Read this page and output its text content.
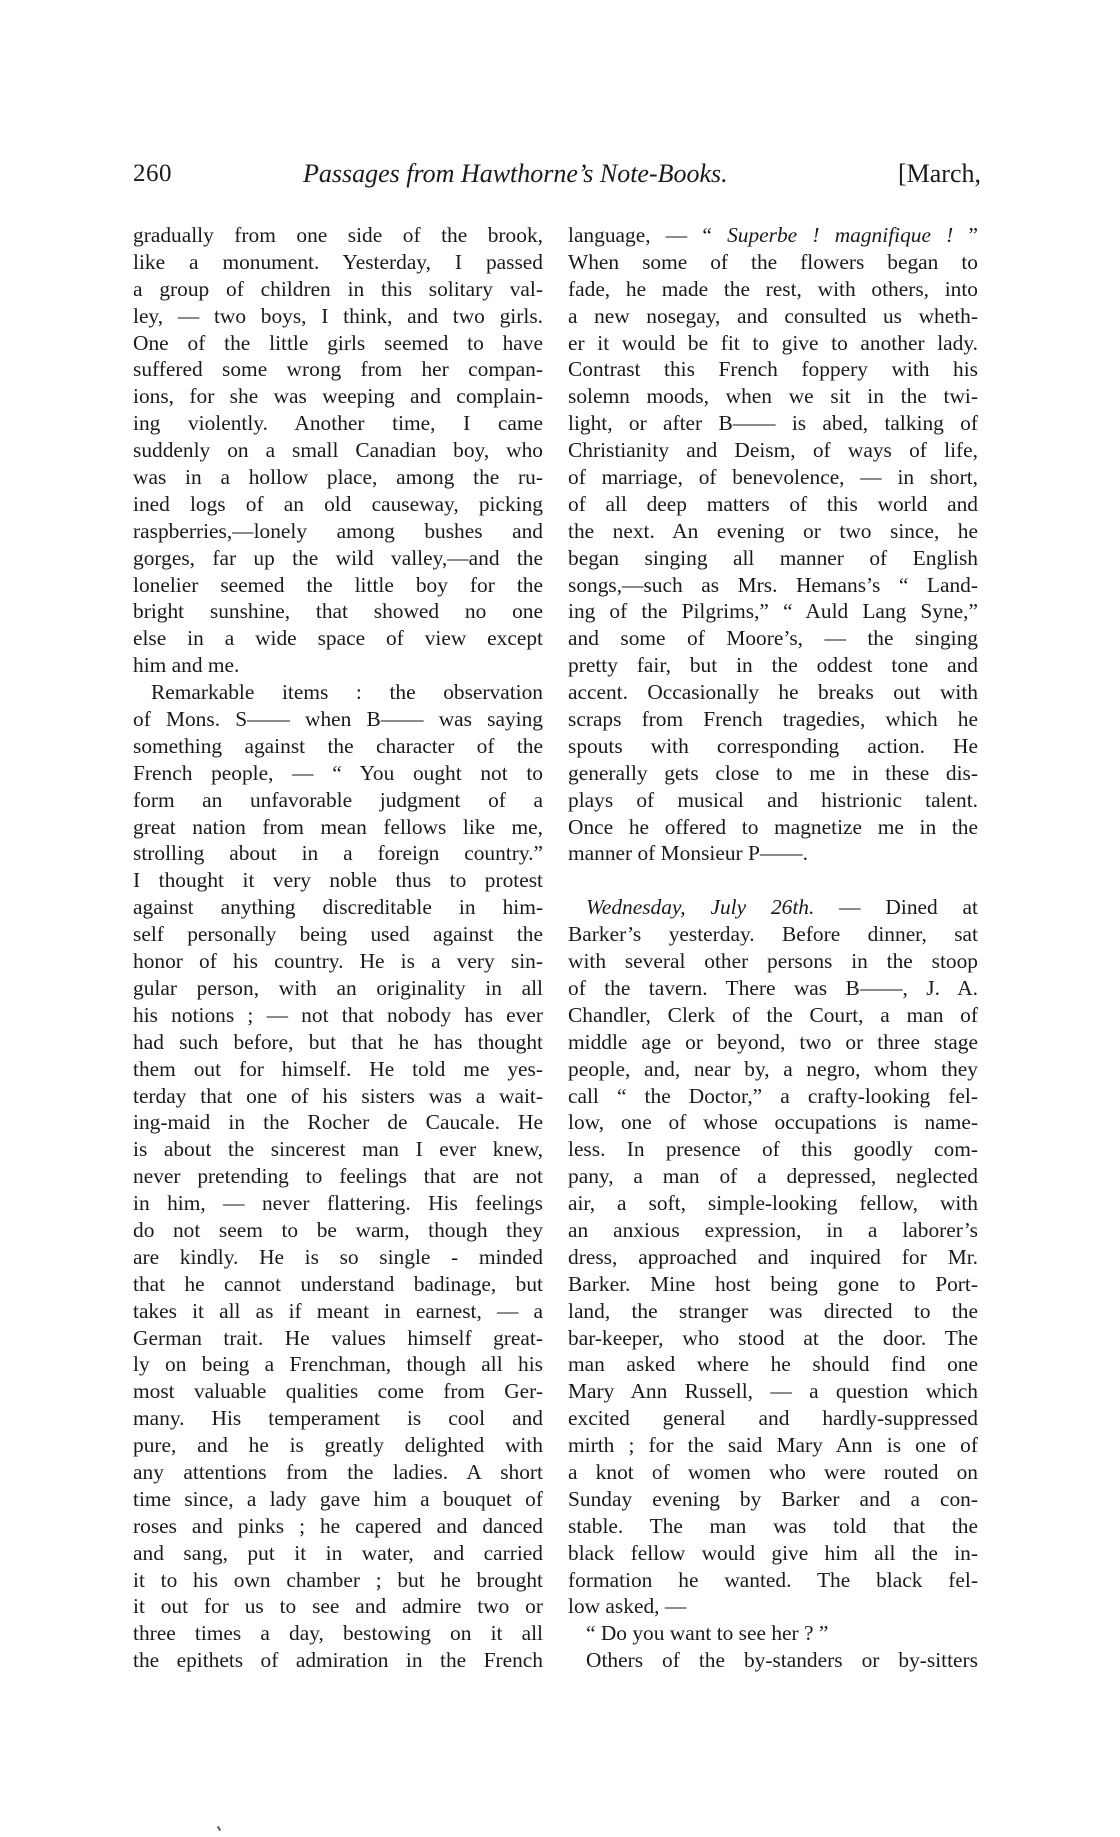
260	Passages from Hawthorne’s Note-Books.	[March,
gradually from one side of the brook,
like a monument. Yesterday, I passed
a group of children in this solitary val-
ley, — two boys, I think, and two girls.
One of the little girls seemed to have
suffered some wrong from her compan-
ions, for she was weeping and complain-
ing violently. Another time, I came
suddenly on a small Canadian boy, who
was in a hollow place, among the ru-
ined logs of an old causeway, picking
raspberries,—lonely among bushes and
gorges, far up the wild valley,—and the
lonelier seemed the little boy for the
bright sunshine, that showed no one
else in a wide space of view except
him and me.
Remarkable items : the observation
of Mons. S—— when B—— was saying
something against the character of the
French people, — “ You ought not to
form an unfavorable judgment of a
great nation from mean fellows like me,
strolling about in a foreign country.”
I thought it very noble thus to protest
against anything discreditable in him-
self personally being used against the
honor of his country. He is a very sin-
gular person, with an originality in all
his notions ; — not that nobody has ever
had such before, but that he has thought
them out for himself. He told me yes-
terday that one of his sisters was a wait-
ing-maid in the Rocher de Caucale. He
is about the sincerest man I ever knew,
never pretending to feelings that are not
in him, — never flattering. His feelings
do not seem to be warm, though they
are kindly. He is so single - minded
that he cannot understand badinage, but
takes it all as if meant in earnest, — a
German trait. He values himself great-
ly on being a Frenchman, though all his
most valuable qualities come from Ger-
many. His temperament is cool and
pure, and he is greatly delighted with
any attentions from the ladies. A short
time since, a lady gave him a bouquet of
roses and pinks ; he capered and danced
and sang, put it in water, and carried
it to his own chamber ; but he brought
it out for us to see and admire two or
three times a day, bestowing on it all
the epithets of admiration in the French
language, — “ Superbe ! magnifique ! ”
When some of the flowers began to
fade, he made the rest, with others, into
a new nosegay, and consulted us wheth-
er it would be fit to give to another lady.
Contrast this French foppery with his
solemn moods, when we sit in the twi-
light, or after B—— is abed, talking of
Christianity and Deism, of ways of life,
of marriage, of benevolence, — in short,
of all deep matters of this world and
the next. An evening or two since, he
began singing all manner of English
songs,—such as Mrs. Hemans’s “ Land-
ing of the Pilgrims,” “ Auld Lang Syne,”
and some of Moore’s, — the singing
pretty fair, but in the oddest tone and
accent. Occasionally he breaks out with
scraps from French tragedies, which he
spouts with corresponding action. He
generally gets close to me in these dis-
plays of musical and histrionic talent.
Once he offered to magnetize me in the
manner of Monsieur P——.
Wednesday, July 26th. — Dined at
Barker’s yesterday. Before dinner, sat
with several other persons in the stoop
of the tavern. There was B——, J. A.
Chandler, Clerk of the Court, a man of
middle age or beyond, two or three stage
people, and, near by, a negro, whom they
call “ the Doctor,” a crafty-looking fel-
low, one of whose occupations is name-
less. In presence of this goodly com-
pany, a man of a depressed, neglected
air, a soft, simple-looking fellow, with
an anxious expression, in a laborer’s
dress, approached and inquired for Mr.
Barker. Mine host being gone to Port-
land, the stranger was directed to the
bar-keeper, who stood at the door. The
man asked where he should find one
Mary Ann Russell, — a question which
excited general and hardly-suppressed
mirth ; for the said Mary Ann is one of
a knot of women who were routed on
Sunday evening by Barker and a con-
stable. The man was told that the
black fellow would give him all the in-
formation he wanted. The black fel-
low asked, —
“ Do you want to see her ? ”
Others of the by-standers or by-sitters
